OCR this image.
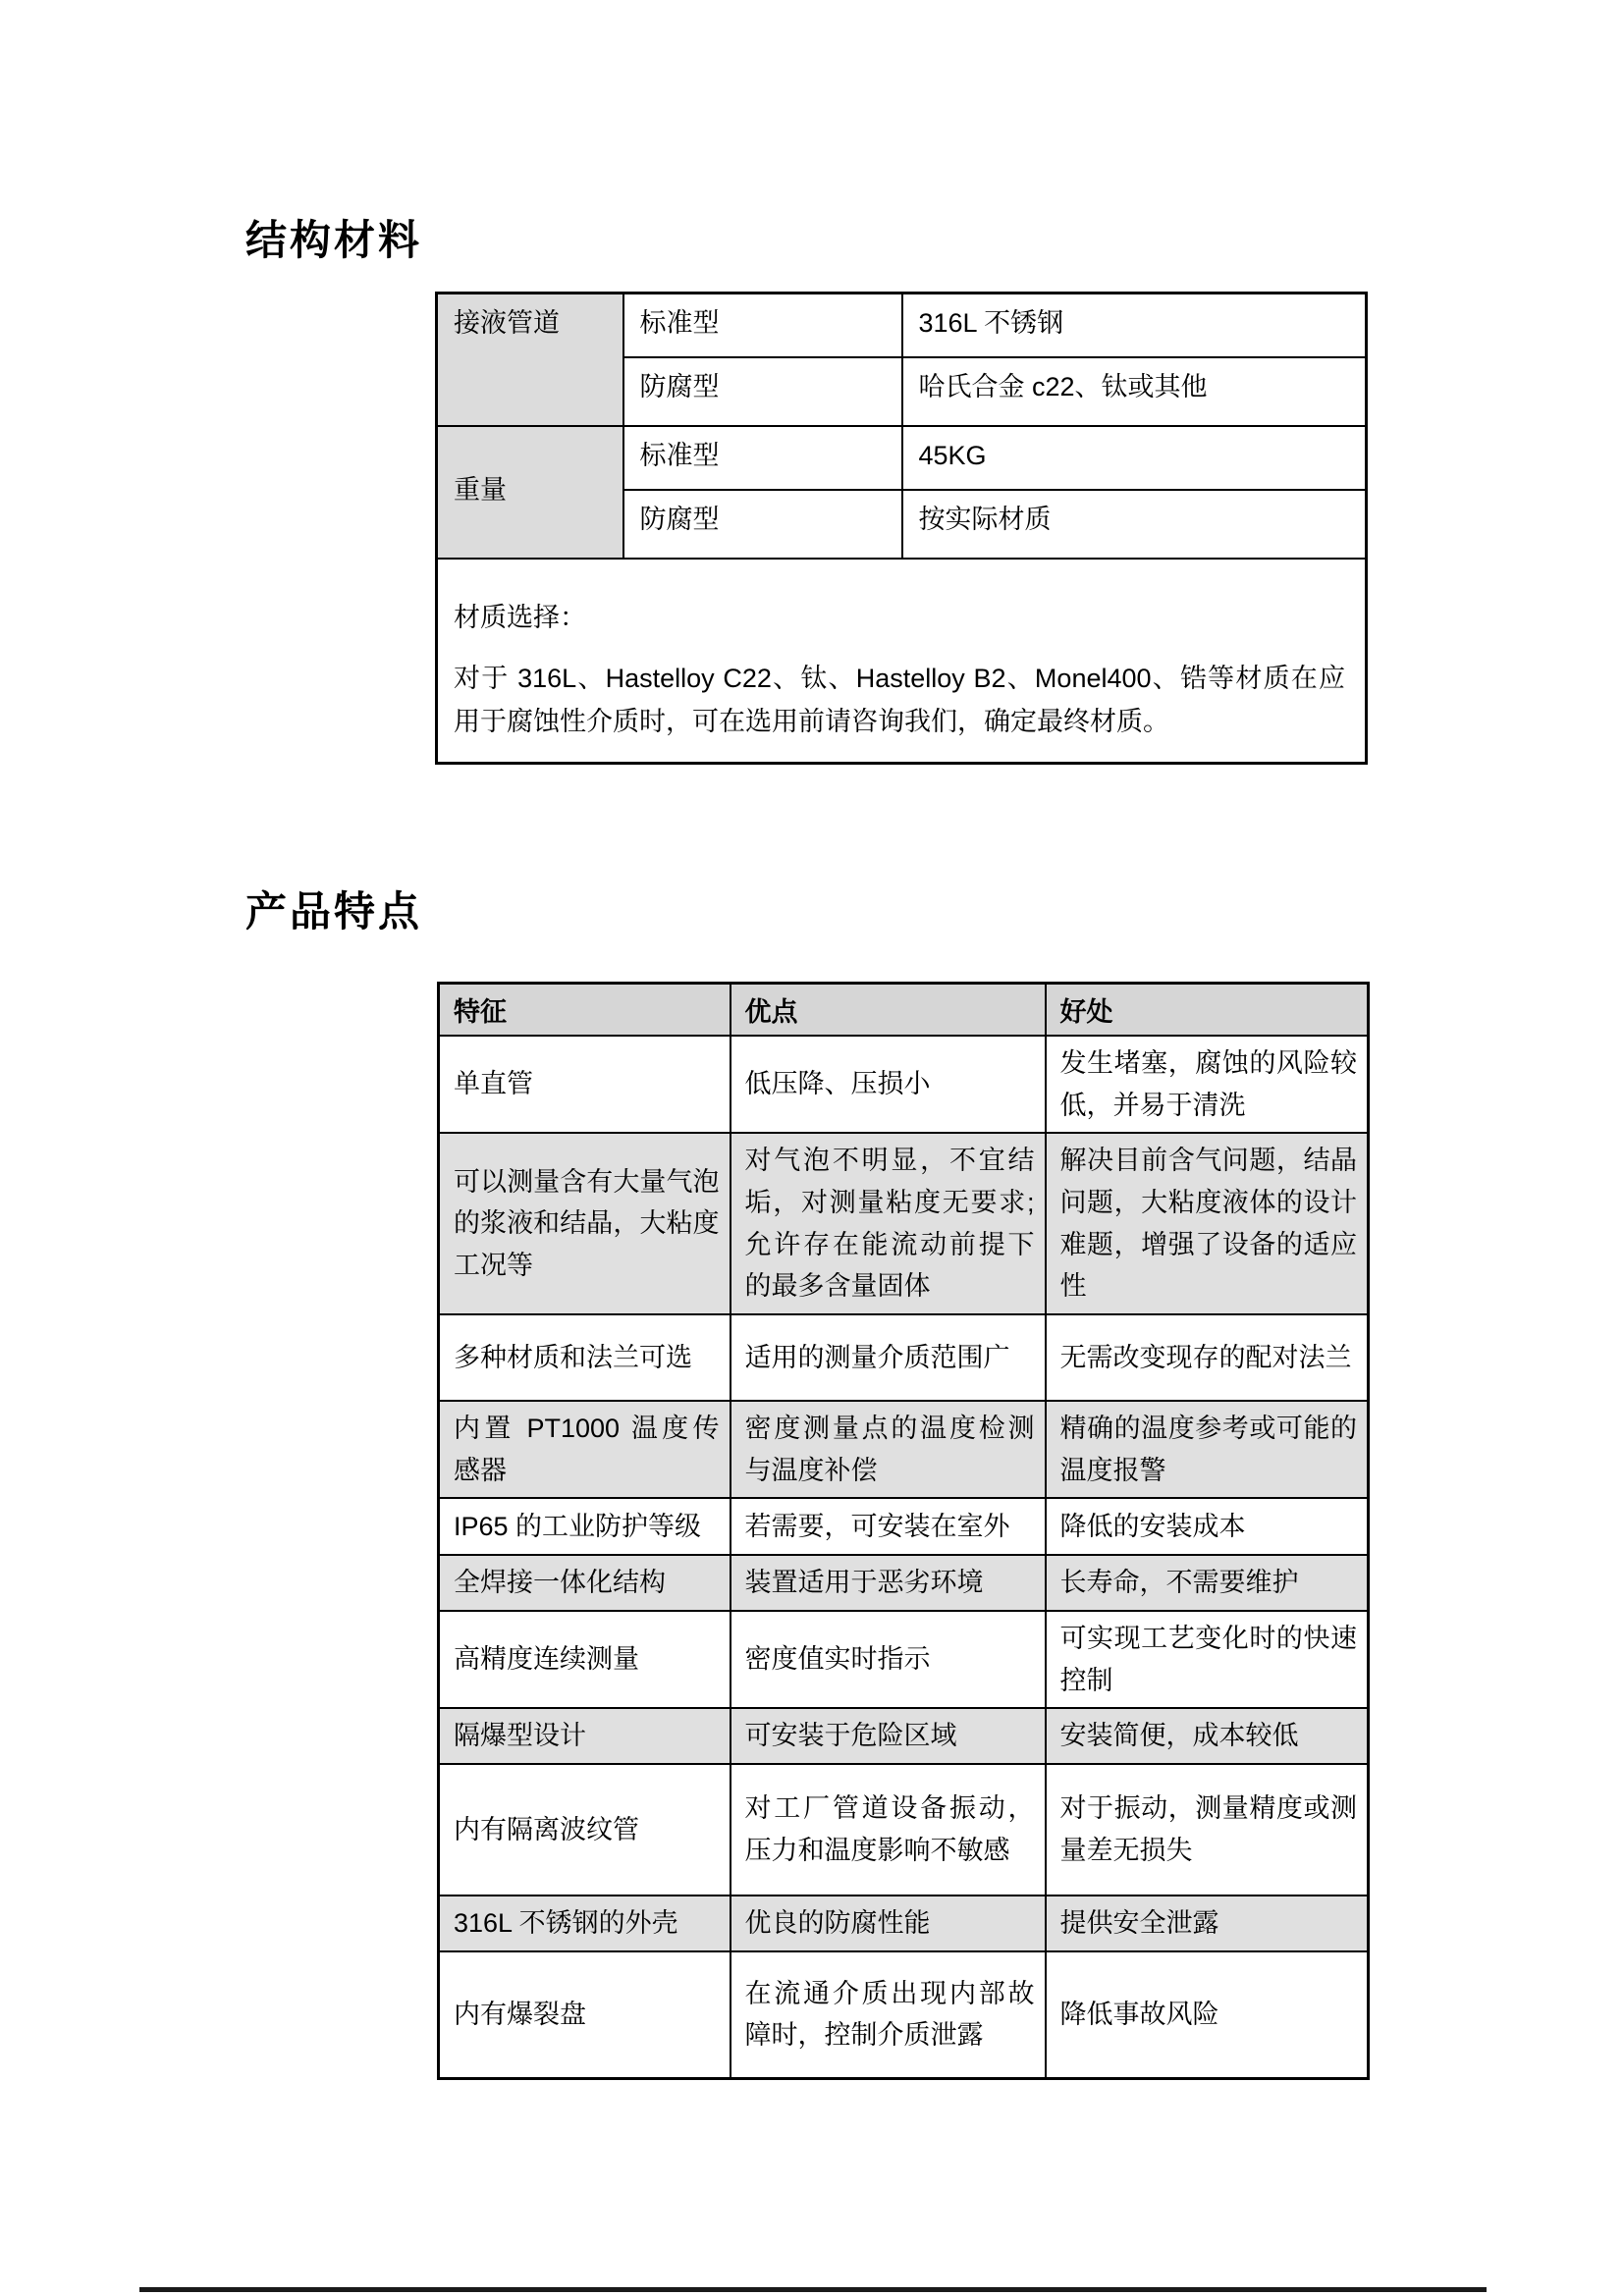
结构材料
接液管道	标准型	316L 不锈钢
	防腐型	哈氏合金 c22、钛或其他
重量	标准型	45KG
	防腐型	按实际材质

材质选择：

对于 316L、Hastelloy C22、钛、Hastelloy B2、Monel400、锆等材质在应用于腐蚀性介质时，可在选用前请咨询我们，确定最终材质。		

产品特点
特征	优点	好处
单直管	低压降、压损小	发生堵塞，腐蚀的风险较低，并易于清洗
可以测量含有大量气泡的浆液和结晶，大粘度工况等	对气泡不明显，不宜结垢，对测量粘度无要求;允许存在能流动前提下的最多含量固体	解决目前含气问题，结晶问题，大粘度液体的设计难题，增强了设备的适应性
多种材质和法兰可选	适用的测量介质范围广	无需改变现存的配对法兰
内置 PT1000 温度传感器	密度测量点的温度检测与温度补偿	精确的温度参考或可能的温度报警
IP65 的工业防护等级	若需要，可安装在室外	降低的安装成本
全焊接一体化结构	装置适用于恶劣环境	长寿命，不需要维护
高精度连续测量	密度值实时指示	可实现工艺变化时的快速控制
隔爆型设计	可安装于危险区域	安装简便，成本较低
内有隔离波纹管	对工厂管道设备振动，压力和温度影响不敏感	对于振动，测量精度或测量差无损失
316L 不锈钢的外壳	优良的防腐性能	提供安全泄露
内有爆裂盘	在流通介质出现内部故障时，控制介质泄露	降低事故风险
